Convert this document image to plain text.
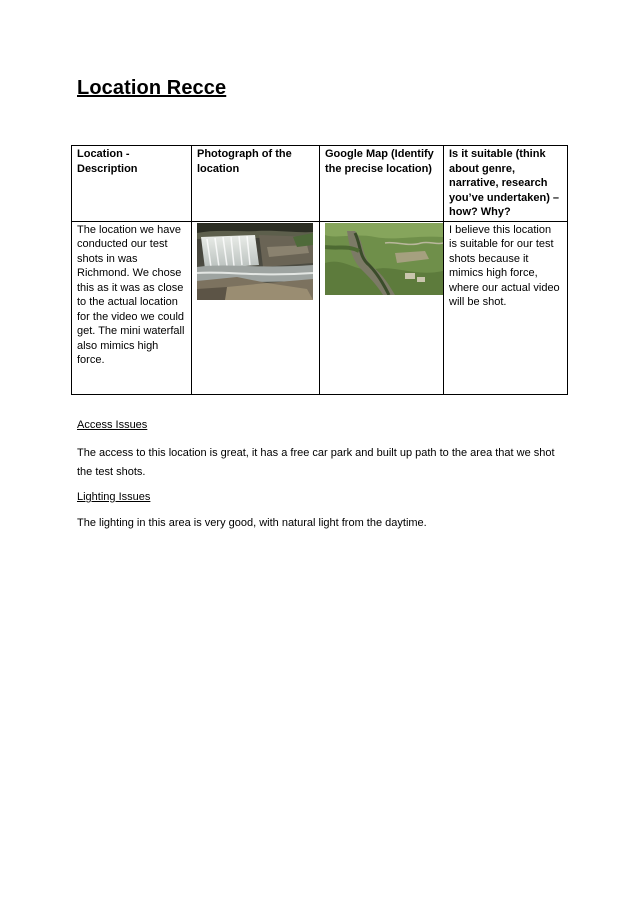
Location Recce
Location - Description	Photograph of the location	Google Map (Identify the precise location)	Is it suitable (think about genre, narrative, research you’ve undertaken) – how? Why?
The location we have conducted our test shots in was Richmond. We chose this as it was as close to the actual location for the video we could get. The mini waterfall also mimics high force.			I believe this location is suitable for our test shots because it mimics high force, where our actual video will be shot.
Access Issues
The access to this location is great, it has a free car park and built up path to the area that we shot the test shots.
Lighting Issues
The lighting in this area is very good, with natural light from the daytime.
